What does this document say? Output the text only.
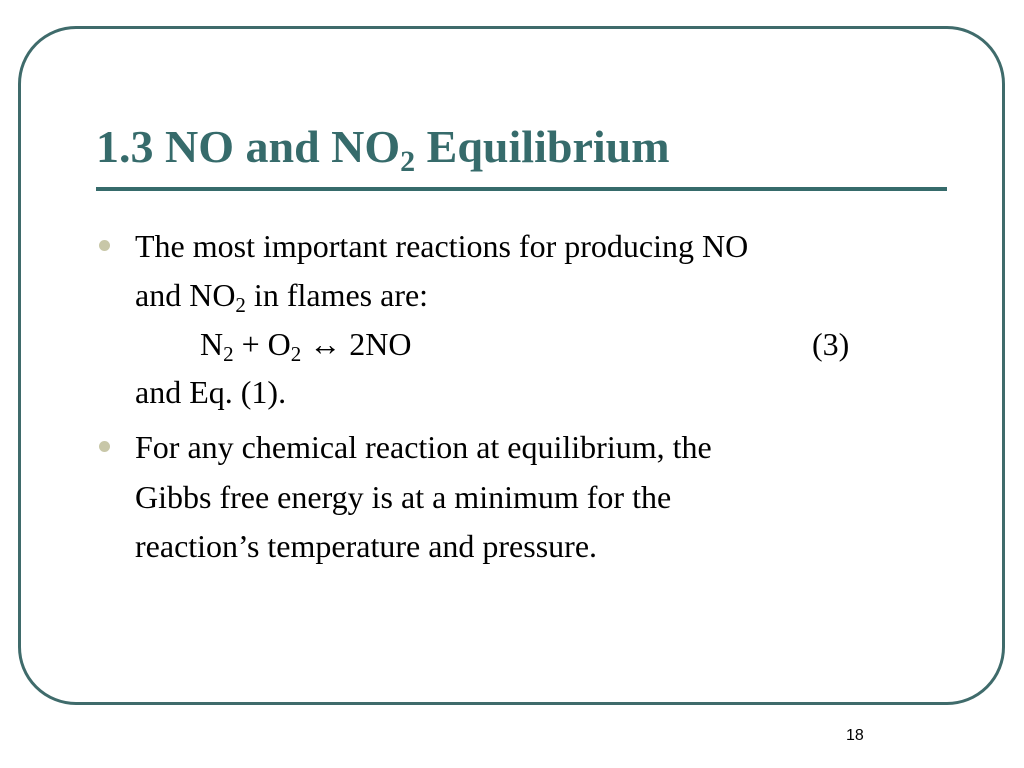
1.3 NO and $NO_2$ Equilibrium
The most important reactions for producing NO
and $NO_2$ in flames are:
$N_2 + O_2$ ↔ 2NO	(3)
and Eq. (1).
For any chemical reaction at equilibrium, the
Gibbs free energy is at a minimum for the
reaction’s temperature and pressure.
18
